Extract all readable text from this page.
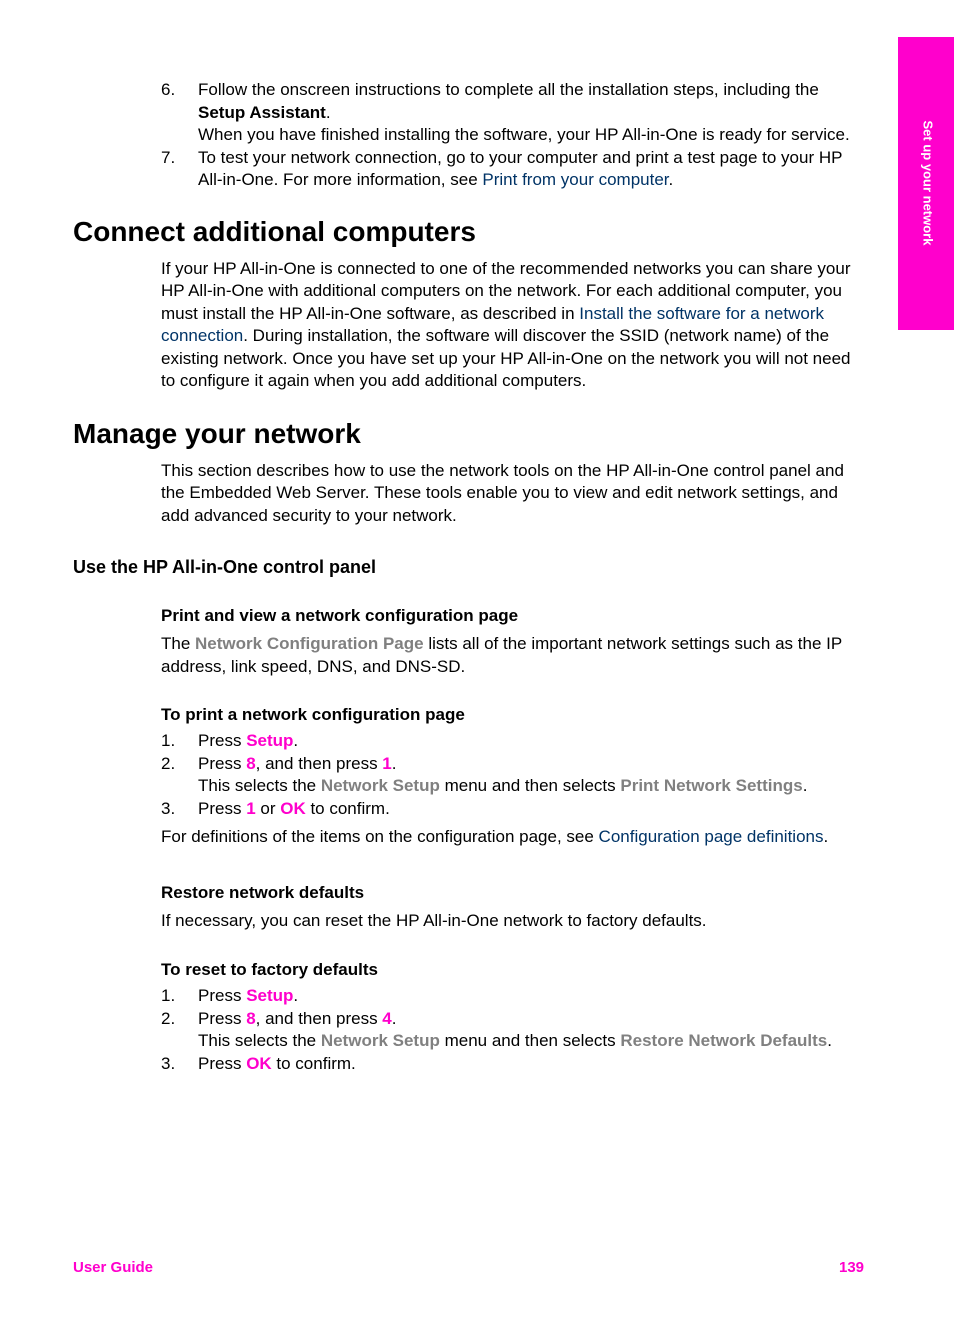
Set up your network
6. Follow the onscreen instructions to complete all the installation steps, including the Setup Assistant.
When you have finished installing the software, your HP All-in-One is ready for service.
7. To test your network connection, go to your computer and print a test page to your HP All-in-One. For more information, see Print from your computer.
Connect additional computers

If your HP All-in-One is connected to one of the recommended networks you can share your HP All-in-One with additional computers on the network. For each additional computer, you must install the HP All-in-One software, as described in Install the software for a network connection. During installation, the software will discover the SSID (network name) of the existing network. Once you have set up your HP All-in-One on the network you will not need to configure it again when you add additional computers.

Manage your network

This section describes how to use the network tools on the HP All-in-One control panel and the Embedded Web Server. These tools enable you to view and edit network settings, and add advanced security to your network.

Use the HP All-in-One control panel
Print and view a network configuration page

The Network Configuration Page lists all of the important network settings such as the IP address, link speed, DNS, and DNS-SD.

To print a network configuration page
1. Press Setup.
2. Press 8, and then press 1.
This selects the Network Setup menu and then selects Print Network Settings.
3. Press 1 or OK to confirm.

For definitions of the items on the configuration page, see Configuration page definitions.

Restore network defaults

If necessary, you can reset the HP All-in-One network to factory defaults.

To reset to factory defaults
1. Press Setup.
2. Press 8, and then press 4.
This selects the Network Setup menu and then selects Restore Network Defaults.
3. Press OK to confirm.
User Guide	139
